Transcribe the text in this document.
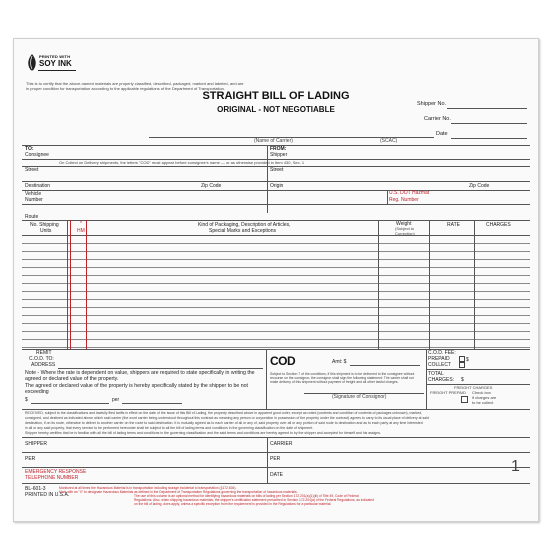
PRINTED WITH
SOY INK
This is to certify that the above-named materials are properly classified, described, packaged, marked and labeled, and are
in proper condition for transportation according to the applicable regulations of the Department of Transportation.
STRAIGHT BILL OF LADING
ORIGINAL - NOT NEGOTIABLE
Shipper No.
Carrier No.
Date
(Name of Carrier)	(SCAC)
TO:
Consignee
On Collect on Delivery shipments, the letters "COD" must appear before consignee's name — or as otherwise provided in Item 430, Sec. 1
Street
Destination	Zip Code
Vehicle
Number
FROM:
Shipper
Street
Origin	Zip Code
U.S. DOT Hazmat
Reg. Number
Route
No. Shipping
Units
*
HM
Kind of Packaging, Description of Articles,
Special Marks and Exceptions
Weight
(Subject to
Correction)
RATE	CHARGES
REMIT
C.O.D. TO:
ADDRESS
Note - Where the rate is dependent on value, shippers are required to state specifically in writing the
agreed or declared value of the property.
The agreed or declared value of the property is hereby specifically stated by the shipper to be not
exceeding
$	per
COD	Amt: $
Subject to Section 7 of the conditions, if this shipment is to be delivered to the consignee without recourse on the consignor, the consignor shall sign the following statement: The carrier shall not make delivery of this shipment without payment of freight and all other lawful charges.
(Signature of Consignor)
C.O.D. FEE:
PREPAID	$
COLLECT
TOTAL
CHARGES: $
FREIGHT CHARGES
FREIGHT PREPAID Check box
if charges are
to be collect
RECEIVED, subject to the classifications and lawfully filed tariffs in effect on the date of the issue of this Bill of Lading, the property described above in apparent good order, except as noted (contents and condition of contents of packages unknown), marked,
consigned, and destined as indicated above which said carrier (the word carrier being understood throughout this contract as meaning any person or corporation in possession of the property under the contract) agrees to carry to its usual place of delivery at said
destination, if on its route, otherwise to deliver to another carrier on the route to said destination. It is mutually agreed as to each carrier of all or any of, said property over all or any portion of said route to destination and as to each party at any time interested
in all or any said property, that every service to be performed hereunder shall be subject to all the bill of lading terms and conditions in the governing classification on the date of shipment.
Shipper hereby certifies that he is familiar with all the bill of lading terms and conditions in the governing classification and the said terms and conditions are hereby agreed to by the shipper and accepted for himself and his assigns.
SHIPPER	CARRIER
PER	PER
EMERGENCY RESPONSE
TELEPHONE NUMBER	DATE
BL-601-3
PRINTED IN U.S.A.
1
Monitored at all times the Hazardous Material is in transportation including storage incidental to transportation (§172.604).
Mark with an "X" to designate Hazardous Materials as defined in the Department of Transportation Regulations governing the transportation of hazardous materials.
The use of this column is an optional method for identifying hazardous materials on bills of lading per Section 172.201(a)(1)(iii) of Title 49, Code of Federal
Regulations. Also, when shipping hazardous materials, the shipper's certification statement prescribed in Section 172.204(a) of the Federal Regulations, as indicated
on the bill of lading, does apply, unless a specific exception from the requirement is provided in the Regulations for a particular material.
